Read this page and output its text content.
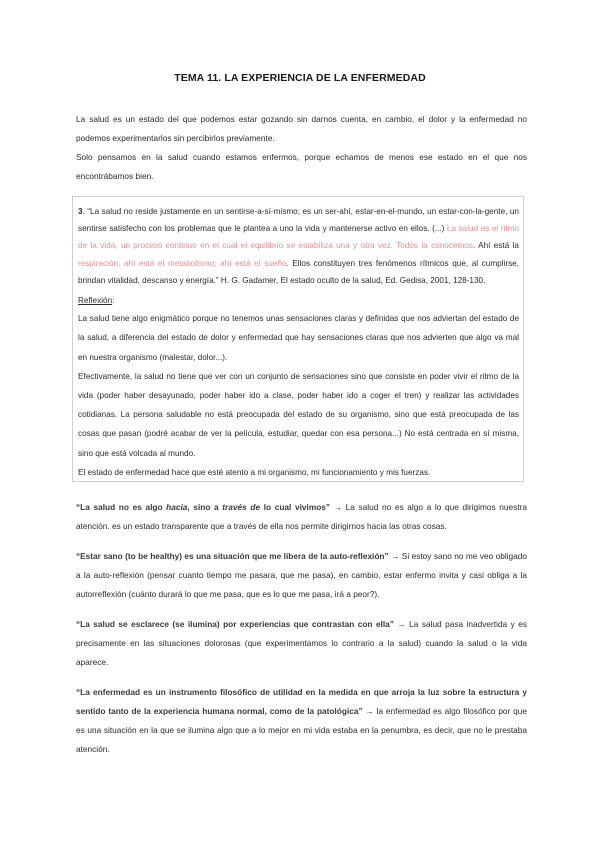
TEMA 11. LA EXPERIENCIA DE LA ENFERMEDAD

La salud es un estado del que podemos estar gozando sin darnos cuenta, en cambio, el dolor y la enfermedad no podemos experimentarlos sin percibirlos previamente.

Solo pensamos en la salud cuando estamos enfermos, porque echamos de menos ese estado en el que nos encontrábamos bien.

3. “La salud no reside justamente en un sentirse-a-sí-mismo; es un ser-ahí, estar-en-el-mundo, un estar-con-la-gente, un sentirse satisfecho con los problemas que le plantea a uno la vida y mantenerse activo en ellos. (...) La salud es el ritmo de la vida, un proceso continuo en el cual el equilibrio se estabiliza una y otra vez. Todos la conocemos. Ahí está la respiración; ahí está el metabolismo; ahí está el sueño. Ellos constituyen tres fenómenos rítmicos que, al cumplirse, brindan vitalidad, descanso y energía.” H. G. Gadamer, El estado oculto de la salud, Ed. Gedisa, 2001, 128-130.

Reflexión:

La salud tiene algo enigmático porque no tenemos unas sensaciones claras y definidas que nos adviertan del estado de la salud, a diferencia del estado de dolor y enfermedad que hay sensaciones claras que nos advierten que algo va mal en nuestra organismo (malestar, dolor...).

Efectivamente, la salud no tiene que ver con un conjunto de sensaciones sino que consiste en poder vivir el ritmo de la vida (poder haber desayunado, poder haber ido a clase, poder haber ido a coger el tren) y realizar las actividades cotidianas. La persona saludable no está preocupada del estado de su organismo, sino que está preocupada de las cosas que pasan (podré acabar de ver la película, estudiar, quedar con esa persona...) No está centrada en sí misma, sino que está volcada al mundo.

El estado de enfermedad hace que esté atento a mi organismo, mi funcionamiento y mis fuerzas.

“La salud no es algo hacia, sino a través de lo cual vivimos” → La salud no es algo a lo que dirigimos nuestra atención. es un estado transparente que a través de ella nos permite dirigirnos hacia las otras cosas.

“Estar sano (to be healthy) es una situación que me libera de la auto-reflexión” → Si estoy sano no me veo obligado a la auto-reflexión (pensar cuanto tiempo me pasara, que me pasa), en cambio, estar enfermo invita y casi obliga a la autorreflexión (cuánto durará lo que me pasa, que es lo que me pasa, irá a peor?).

“La salud se esclarece (se ilumina) por experiencias que contrastan con ella” → La salud pasa inadvertida y es precisamente en las situaciones dolorosas (que experimentamos lo contrario a la salud) cuando la salud o la vida aparece.

“La enfermedad es un instrumento filosófico de utilidad en la medida en que arroja la luz sobre la estructura y sentido tanto de la experiencia humana normal, como de la patológica” → la enfermedad es algo filosófico por que es una situación en la que se ilumina algo que a lo mejor en mi vida estaba en la penumbra, es decir, que no le prestaba atención.
